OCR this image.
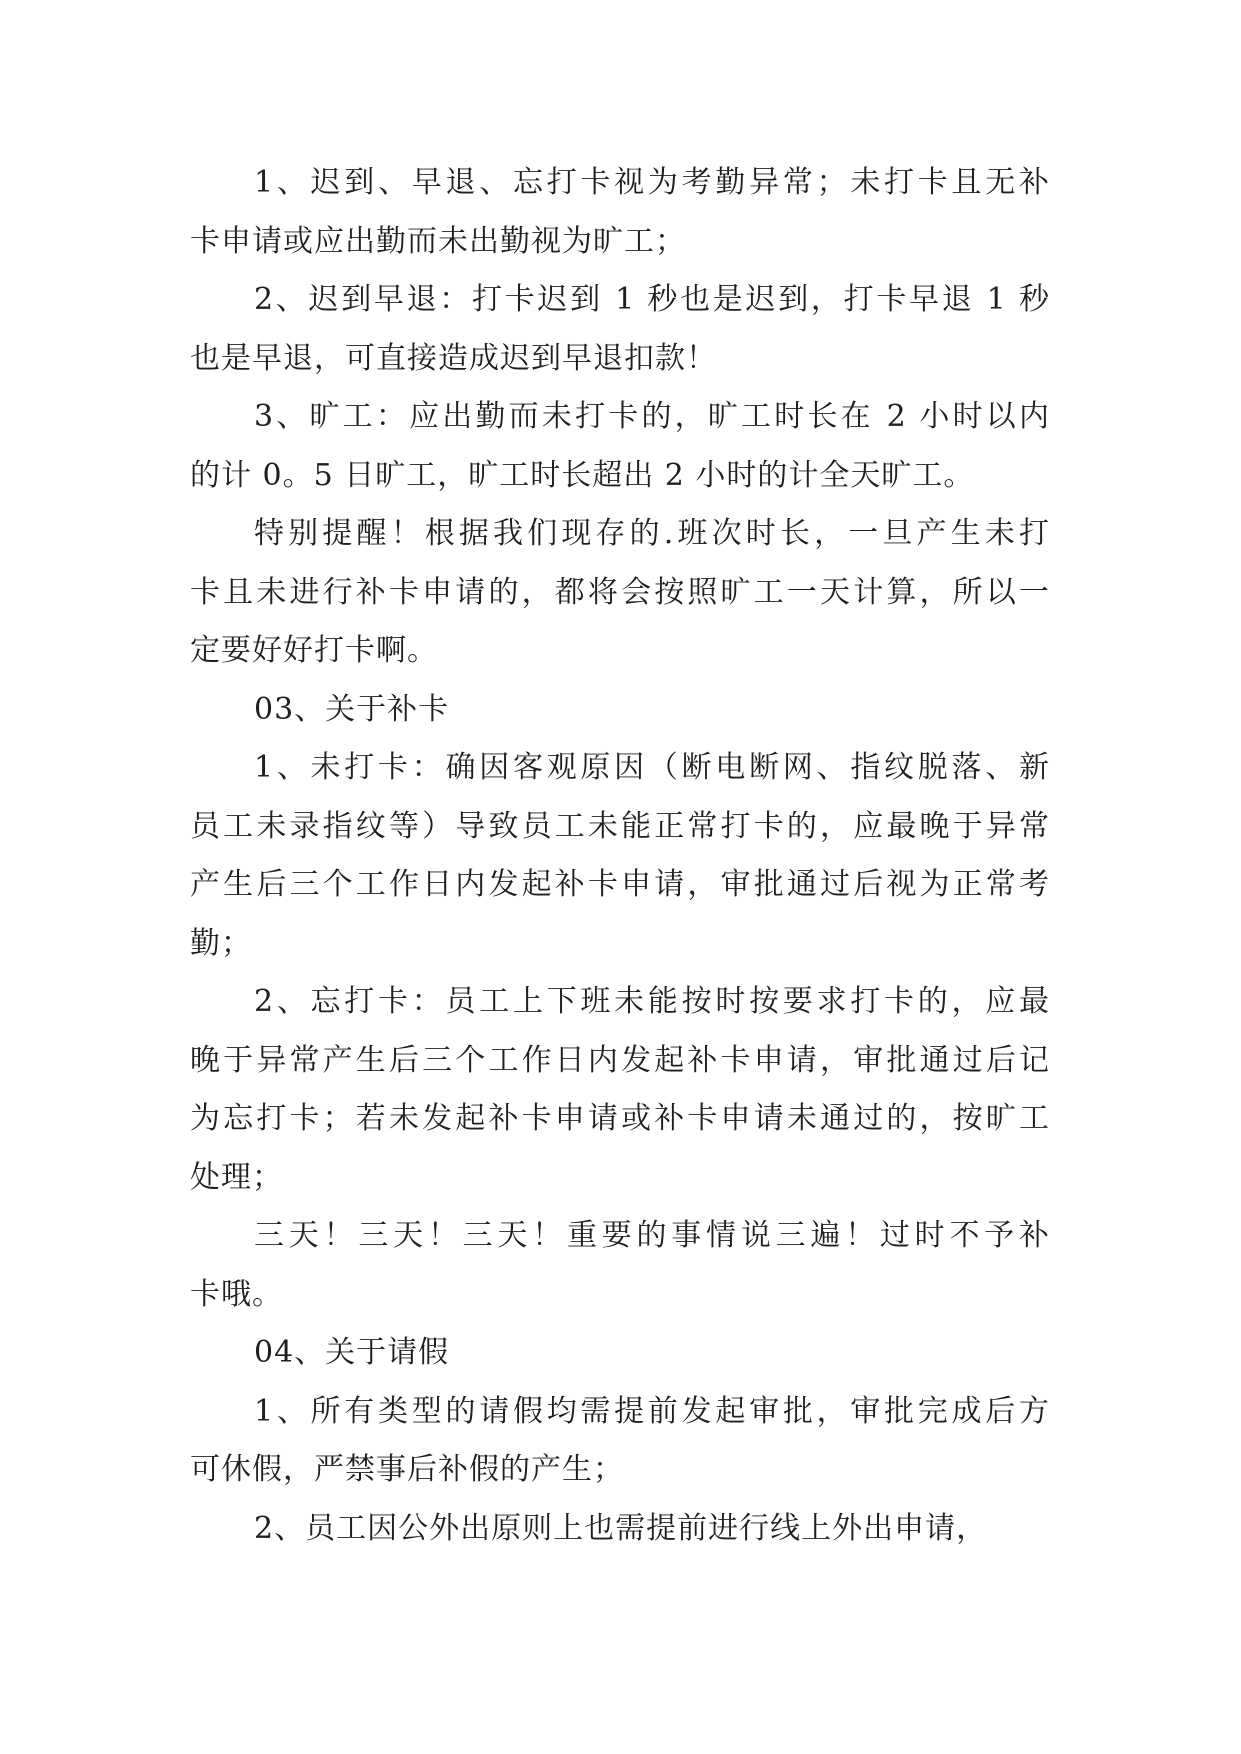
1、迟到、早退、忘打卡视为考勤异常；未打卡且无补
卡申请或应出勤而未出勤视为旷工；
2、迟到早退：打卡迟到 1 秒也是迟到，打卡早退 1 秒
也是早退，可直接造成迟到早退扣款！
3、旷工：应出勤而未打卡的，旷工时长在 2 小时以内
的计 0。5 日旷工，旷工时长超出 2 小时的计全天旷工。
特别提醒！根据我们现存的.班次时长，一旦产生未打
卡且未进行补卡申请的，都将会按照旷工一天计算，所以一
定要好好打卡啊。
03、关于补卡
1、未打卡：确因客观原因（断电断网、指纹脱落、新
员工未录指纹等）导致员工未能正常打卡的，应最晚于异常
产生后三个工作日内发起补卡申请，审批通过后视为正常考
勤；
2、忘打卡：员工上下班未能按时按要求打卡的，应最
晚于异常产生后三个工作日内发起补卡申请，审批通过后记
为忘打卡；若未发起补卡申请或补卡申请未通过的，按旷工
处理；
三天！三天！三天！重要的事情说三遍！过时不予补
卡哦。
04、关于请假
1、所有类型的请假均需提前发起审批，审批完成后方
可休假，严禁事后补假的产生；
2、员工因公外出原则上也需提前进行线上外出申请，
